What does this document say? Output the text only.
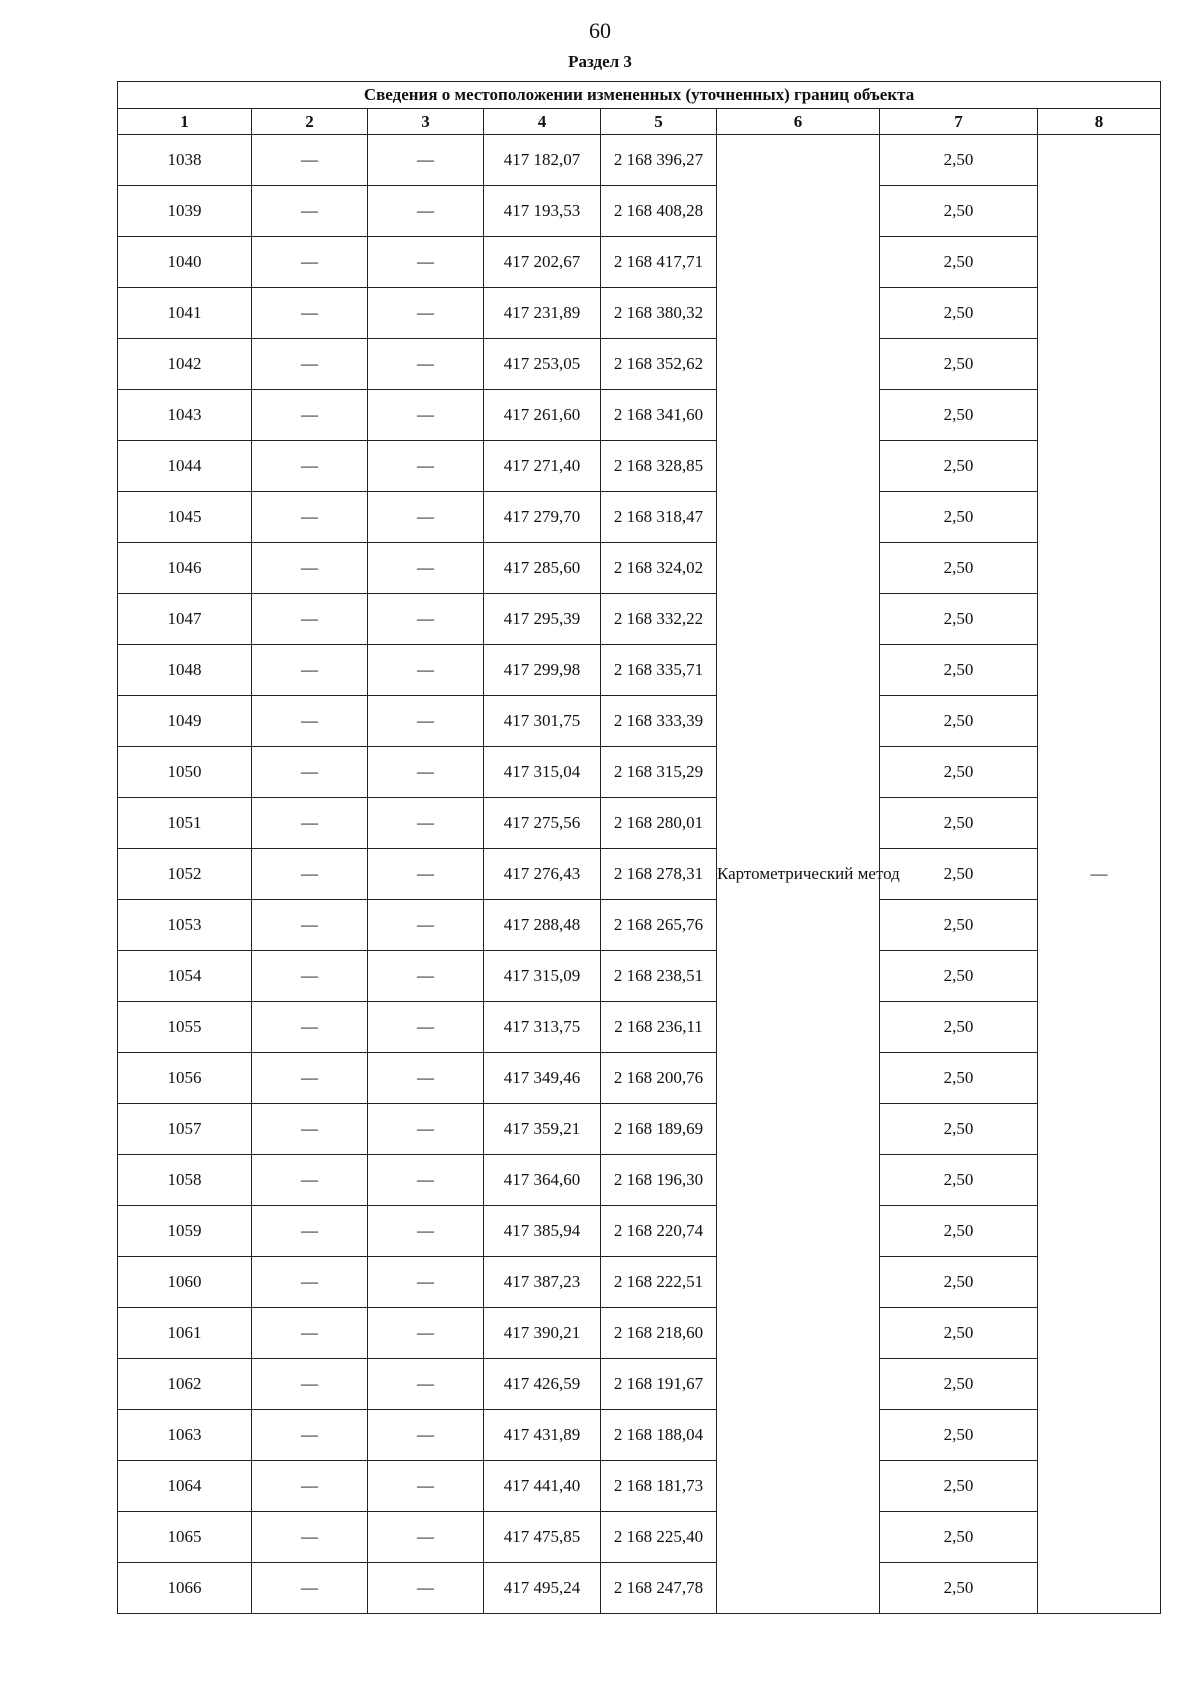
60
Раздел 3
Сведения о местоположении измененных (уточненных) границ объекта							
1	2	3	4	5	6	7	8
1038	—	—	417 182,07	2 168 396,27	Картометрический метод	2,50	—
1039	—	—	417 193,53	2 168 408,28		2,50	
1040	—	—	417 202,67	2 168 417,71		2,50	
1041	—	—	417 231,89	2 168 380,32		2,50	
1042	—	—	417 253,05	2 168 352,62		2,50	
1043	—	—	417 261,60	2 168 341,60		2,50	
1044	—	—	417 271,40	2 168 328,85		2,50	
1045	—	—	417 279,70	2 168 318,47		2,50	
1046	—	—	417 285,60	2 168 324,02		2,50	
1047	—	—	417 295,39	2 168 332,22		2,50	
1048	—	—	417 299,98	2 168 335,71		2,50	
1049	—	—	417 301,75	2 168 333,39		2,50	
1050	—	—	417 315,04	2 168 315,29		2,50	
1051	—	—	417 275,56	2 168 280,01		2,50	
1052	—	—	417 276,43	2 168 278,31		2,50	
1053	—	—	417 288,48	2 168 265,76		2,50	
1054	—	—	417 315,09	2 168 238,51		2,50	
1055	—	—	417 313,75	2 168 236,11		2,50	
1056	—	—	417 349,46	2 168 200,76		2,50	
1057	—	—	417 359,21	2 168 189,69		2,50	
1058	—	—	417 364,60	2 168 196,30		2,50	
1059	—	—	417 385,94	2 168 220,74		2,50	
1060	—	—	417 387,23	2 168 222,51		2,50	
1061	—	—	417 390,21	2 168 218,60		2,50	
1062	—	—	417 426,59	2 168 191,67		2,50	
1063	—	—	417 431,89	2 168 188,04		2,50	
1064	—	—	417 441,40	2 168 181,73		2,50	
1065	—	—	417 475,85	2 168 225,40		2,50	
1066	—	—	417 495,24	2 168 247,78		2,50	
